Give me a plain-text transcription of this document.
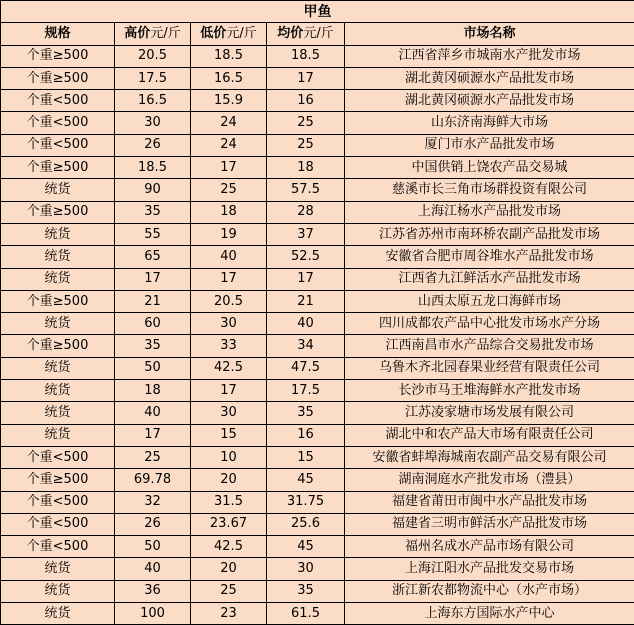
甲鱼				
规格	高价元/斤	低价元/斤	均价元/斤	市场名称
个重≥500	20.5	18.5	18.5	江西省萍乡市城南水产批发市场
个重≥500	17.5	16.5	17	湖北黄冈硕源水产品批发市场
个重<500	16.5	15.9	16	湖北黄冈硕源水产品批发市场
个重<500	30	24	25	山东济南海鲜大市场
个重<500	26	24	25	厦门市水产品批发市场
个重≥500	18.5	17	18	中国供销上饶农产品交易城
统货	90	25	57.5	慈溪市长三角市场群投资有限公司
个重≥500	35	18	28	上海江杨水产品批发市场
统货	55	19	37	江苏省苏州市南环桥农副产品批发市场
统货	65	40	52.5	安徽省合肥市周谷堆水产品批发市场
统货	17	17	17	江西省九江鲜活水产品批发市场
个重≥500	21	20.5	21	山西太原五龙口海鲜市场
统货	60	30	40	四川成都农产品中心批发市场水产分场
个重≥500	35	33	34	江西南昌市水产品综合交易批发市场
统货	50	42.5	47.5	乌鲁木齐北园春果业经营有限责任公司
统货	18	17	17.5	长沙市马王堆海鲜水产批发市场
统货	40	30	35	江苏凌家塘市场发展有限公司
统货	17	15	16	湖北中和农产品大市场有限责任公司
个重<500	25	10	15	安徽省蚌埠海城南农副产品交易有限公司
个重≥500	69.78	20	45	湖南洞庭水产批发市场（澧县）
个重<500	32	31.5	31.75	福建省莆田市闽中水产品批发市场
个重<500	26	23.67	25.6	福建省三明市鲜活水产品批发市场
个重<500	50	42.5	45	福州名成水产品市场有限公司
统货	40	20	30	上海江阳水产品批发交易市场
统货	36	25	35	浙江新农都物流中心（水产市场）
统货	100	23	61.5	上海东方国际水产中心
